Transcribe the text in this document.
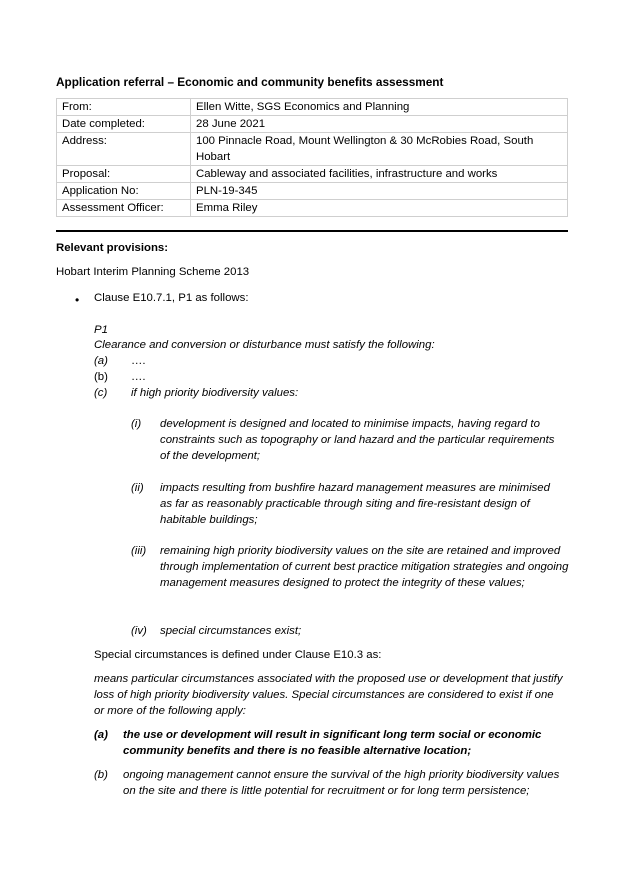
Application referral – Economic and community benefits assessment
From:	Ellen Witte, SGS Economics and Planning
Date completed:	28 June 2021
Address:	100 Pinnacle Road, Mount Wellington & 30 McRobies Road, South Hobart
Proposal:	Cableway and associated facilities, infrastructure and works
Application No:	PLN-19-345
Assessment Officer:	Emma Riley
Relevant provisions:
Hobart Interim Planning Scheme 2013
• Clause E10.7.1, P1 as follows:
P1
Clearance and conversion or disturbance must satisfy the following:
(a)	….
(b)	….
(c)	if high priority biodiversity values:
(i)	development is designed and located to minimise impacts, having regard to constraints such as topography or land hazard and the particular requirements of the development;
(ii)	impacts resulting from bushfire hazard management measures are minimised as far as reasonably practicable through siting and fire-resistant design of habitable buildings;
(iii)	remaining high priority biodiversity values on the site are retained and improved through implementation of current best practice mitigation strategies and ongoing management measures designed to protect the integrity of these values;
(iv)	special circumstances exist;
Special circumstances is defined under Clause E10.3 as:
means particular circumstances associated with the proposed use or development that justify loss of high priority biodiversity values. Special circumstances are considered to exist if one or more of the following apply:
(a)	the use or development will result in significant long term social or economic community benefits and there is no feasible alternative location;
(b)	ongoing management cannot ensure the survival of the high priority biodiversity values on the site and there is little potential for recruitment or for long term persistence;
